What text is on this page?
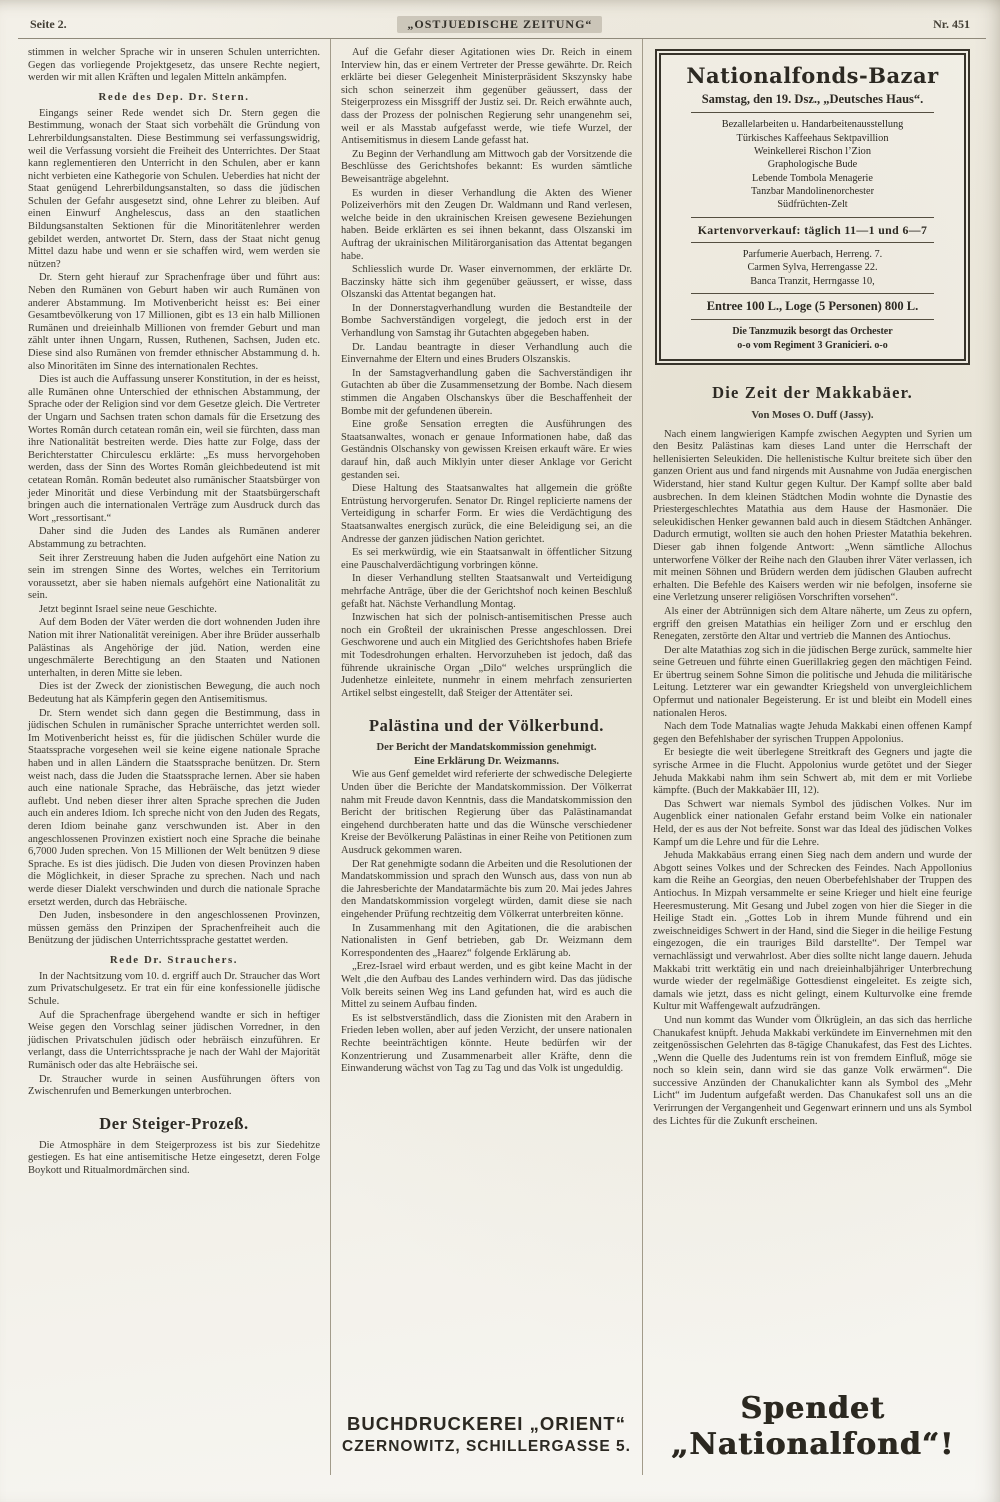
Seite 2.	„OSTJUEDISCHE ZEITUNG“	Nr. 451

stimmen in welcher Sprache wir in unseren Schulen unterrichten. Gegen das vorliegende Projektgesetz, das unsere Rechte negiert, werden wir mit allen Kräften und legalen Mitteln ankämpfen.

Rede des Dep. Dr. Stern.

Eingangs seiner Rede wendet sich Dr. Stern gegen die Bestimmung, wonach der Staat sich vorbehält die Gründung von Lehrerbildungsanstalten. Diese Bestimmung sei verfassungswidrig, weil die Verfassung vorsieht die Freiheit des Unterrichtes. Der Staat kann reglementieren den Unterricht in den Schulen, aber er kann nicht verbieten eine Kathegorie von Schulen. Ueberdies hat nicht der Staat genügend Lehrerbildungsanstalten, so dass die jüdischen Schulen der Gefahr ausgesetzt sind, ohne Lehrer zu bleiben. Auf einen Einwurf Anghelescus, dass an den staatlichen Bildungsanstalten Sektionen für die Minoritätenlehrer werden gebildet werden, antwortet Dr. Stern, dass der Staat nicht genug Mittel dazu habe und wenn er sie schaffen wird, wem werden sie nützen?

Dr. Stern geht hierauf zur Sprachenfrage über und führt aus: Neben den Rumänen von Geburt haben wir auch Rumänen von anderer Abstammung. Im Motivenbericht heisst es: Bei einer Gesamtbevölkerung von 17 Millionen, gibt es 13 ein halb Millionen Rumänen und dreieinhalb Millionen von fremder Geburt und man zählt unter ihnen Ungarn, Russen, Ruthenen, Sachsen, Juden etc. Diese sind also Rumänen von fremder ethnischer Abstammung d. h. also Minoritäten im Sinne des internationalen Rechtes.

Dies ist auch die Auffassung unserer Konstitution, in der es heisst, alle Rumänen ohne Unterschied der ethnischen Abstammung, der Sprache oder der Religion sind vor dem Gesetze gleich. Die Vertreter der Ungarn und Sachsen traten schon damals für die Ersetzung des Wortes Român durch cetatean român ein, weil sie fürchten, dass man ihre Nationalität bestreiten werde. Dies hatte zur Folge, dass der Berichterstatter Chirculescu erklärte: „Es muss hervorgehoben werden, dass der Sinn des Wortes Român gleichbedeutend ist mit cetatean Român. Român bedeutet also rumänischer Staatsbürger von jeder Minorität und diese Verbindung mit der Staatsbürgerschaft bringen auch die internationalen Verträge zum Ausdruck durch das Wort „ressortisant.“

Daher sind die Juden des Landes als Rumänen anderer Abstammung zu betrachten.

Seit ihrer Zerstreuung haben die Juden aufgehört eine Nation zu sein im strengen Sinne des Wortes, welches ein Territorium voraussetzt, aber sie haben niemals aufgehört eine Nationalität zu sein.

Jetzt beginnt Israel seine neue Geschichte.

Auf dem Boden der Väter werden die dort wohnenden Juden ihre Nation mit ihrer Nationalität vereinigen. Aber ihre Brüder ausserhalb Palästinas als Angehörige der jüd. Nation, werden eine ungeschmälerte Berechtigung an den Staaten und Nationen unterhalten, in deren Mitte sie leben.

Dies ist der Zweck der zionistischen Bewegung, die auch noch Bedeutung hat als Kämpferin gegen den Antisemitismus.

Dr. Stern wendet sich dann gegen die Bestimmung, dass in jüdischen Schulen in rumänischer Sprache unterrichtet werden soll. Im Motivenbericht heisst es, für die jüdischen Schüler wurde die Staatssprache vorgesehen weil sie keine eigene nationale Sprache haben und in allen Ländern die Staatssprache benützen. Dr. Stern weist nach, dass die Juden die Staatssprache lernen. Aber sie haben auch eine nationale Sprache, das Hebräische, das jetzt wieder auflebt. Und neben dieser ihrer alten Sprache sprechen die Juden auch ein anderes Idiom. Ich spreche nicht von den Juden des Regats, deren Idiom beinahe ganz verschwunden ist. Aber in den angeschlossenen Provinzen existiert noch eine Sprache die beinahe 6,7000 Juden sprechen. Von 15 Millionen der Welt benützen 9 diese Sprache. Es ist dies jüdisch. Die Juden von diesen Provinzen haben die Möglichkeit, in dieser Sprache zu sprechen. Nach und nach werde dieser Dialekt verschwinden und durch die nationale Sprache ersetzt werden, durch das Hebräische.

Den Juden, insbesondere in den angeschlossenen Provinzen, müssen gemäss den Prinzipen der Sprachenfreiheit auch die Benützung der jüdischen Unterrichtssprache gestattet werden.

Rede Dr. Strauchers.

In der Nachtsitzung vom 10. d. ergriff auch Dr. Straucher das Wort zum Privatschulgesetz. Er trat ein für eine konfessionelle jüdische Schule.

Auf die Sprachenfrage übergehend wandte er sich in heftiger Weise gegen den Vorschlag seiner jüdischen Vorredner, in den jüdischen Privatschulen jüdisch oder hebräisch einzuführen. Er verlangt, dass die Unterrichtssprache je nach der Wahl der Majorität Rumänisch oder das alte Hebräische sei.

Dr. Straucher wurde in seinen Ausführungen öfters von Zwischenrufen und Bemerkungen unterbrochen.

Der Steiger-Prozeß.

Die Atmosphäre in dem Steigerprozess ist bis zur Siedehitze gestiegen. Es hat eine antisemitische Hetze eingesetzt, deren Folge Boykott und Ritualmordmärchen sind.

Auf die Gefahr dieser Agitationen wies Dr. Reich in einem Interview hin, das er einem Vertreter der Presse gewährte. Dr. Reich erklärte bei dieser Gelegenheit Ministerpräsident Skszynsky habe sich schon seinerzeit ihm gegenüber geäussert, dass der Steigerprozess ein Missgriff der Justiz sei. Dr. Reich erwähnte auch, dass der Prozess der polnischen Regierung sehr unangenehm sei, weil er als Masstab aufgefasst werde, wie tiefe Wurzel, der Antisemitismus in diesem Lande gefasst hat.

Zu Beginn der Verhandlung am Mittwoch gab der Vorsitzende die Beschlüsse des Gerichtshofes bekannt: Es wurden sämtliche Beweisanträge abgelehnt.

Es wurden in dieser Verhandlung die Akten des Wiener Polizeiverhörs mit den Zeugen Dr. Waldmann und Rand verlesen, welche beide in den ukrainischen Kreisen gewesene Beziehungen haben. Beide erklärten es sei ihnen bekannt, dass Olszanski im Auftrag der ukrainischen Militärorganisation das Attentat begangen habe.

Schliesslich wurde Dr. Waser einvernommen, der erklärte Dr. Baczinsky hätte sich ihm gegenüber geäussert, er wisse, dass Olszanski das Attentat begangen hat.

In der Donnerstagverhandlung wurden die Bestandteile der Bombe Sachverständigen vorgelegt, die jedoch erst in der Verhandlung von Samstag ihr Gutachten abgegeben haben.

Dr. Landau beantragte in dieser Verhandlung auch die Einvernahme der Eltern und eines Bruders Olszanskis.

In der Samstagverhandlung gaben die Sachverständigen ihr Gutachten ab über die Zusammensetzung der Bombe. Nach diesem stimmen die Angaben Olschanskys über die Beschaffenheit der Bombe mit der gefundenen überein.

Eine große Sensation erregten die Ausführungen des Staatsanwaltes, wonach er genaue Informationen habe, daß das Geständnis Olschansky von gewissen Kreisen erkauft wäre. Er wies darauf hin, daß auch Miklyin unter dieser Anklage vor Gericht gestanden sei.

Diese Haltung des Staatsanwaltes hat allgemein die größte Entrüstung hervorgerufen. Senator Dr. Ringel replicierte namens der Verteidigung in scharfer Form. Er wies die Verdächtigung des Staatsanwaltes energisch zurück, die eine Beleidigung sei, an die Andresse der ganzen jüdischen Nation gerichtet.

Es sei merkwürdig, wie ein Staatsanwalt in öffentlicher Sitzung eine Pauschalverdächtigung vorbringen könne.

In dieser Verhandlung stellten Staatsanwalt und Verteidigung mehrfache Anträge, über die der Gerichtshof noch keinen Beschluß gefaßt hat. Nächste Verhandlung Montag.

Inzwischen hat sich der polnisch-antisemitischen Presse auch noch ein Großteil der ukrainischen Presse angeschlossen. Drei Geschworene und auch ein Mitglied des Gerichtshofes haben Briefe mit Todesdrohungen erhalten. Hervorzuheben ist jedoch, daß das führende ukrainische Organ „Dilo“ welches ursprünglich die Judenhetze einleitete, nunmehr in einem mehrfach zensurierten Artikel selbst eingestellt, daß Steiger der Attentäter sei.

Palästina und der Völkerbund.

Der Bericht der Mandatskommission genehmigt.

Eine Erklärung Dr. Weizmanns.

Wie aus Genf gemeldet wird referierte der schwedische Delegierte Unden über die Berichte der Mandatskommission. Der Völkerrat nahm mit Freude davon Kenntnis, dass die Mandatskommission den Bericht der britischen Regierung über das Palästinamandat eingehend durchberaten hatte und das die Wünsche verschiedener Kreise der Bevölkerung Palästinas in einer Reihe von Petitionen zum Ausdruck gekommen waren.

Der Rat genehmigte sodann die Arbeiten und die Resolutionen der Mandatskommission und sprach den Wunsch aus, dass von nun ab die Jahresberichte der Mandatarmächte bis zum 20. Mai jedes Jahres den Mandatskommission vorgelegt würden, damit diese sie nach eingehender Prüfung rechtzeitig dem Völkerrat unterbreiten könne.

In Zusammenhang mit den Agitationen, die die arabischen Nationalisten in Genf betrieben, gab Dr. Weizmann dem Korrespondenten des „Haarez“ folgende Erklärung ab.

„Erez-Israel wird erbaut werden, und es gibt keine Macht in der Welt ,die den Aufbau des Landes verhindern wird. Das das jüdische Volk bereits seinen Weg ins Land gefunden hat, wird es auch die Mittel zu seinem Aufbau finden.

Es ist selbstverständlich, dass die Zionisten mit den Arabern in Frieden leben wollen, aber auf jeden Verzicht, der unsere nationalen Rechte beeinträchtigen könnte. Heute bedürfen wir der Konzentrierung und Zusammenarbeit aller Kräfte, denn die Einwanderung wächst von Tag zu Tag und das Volk ist ungeduldig.

BUCHDRUCKEREI „ORIENT“
CZERNOWITZ, SCHILLERGASSE 5.
Nationalfonds-Bazar
Samstag, den 19. Dsz., „Deutsches Haus“.

Bezallelarbeiten u. Handarbeitenausstellung

Türkisches Kaffeehaus Sektpavillion

Weinkellerei Rischon l’Zion

Graphologische Bude

Lebende Tombola Menagerie

Tanzbar Mandolinenorchester

Südfrüchten-Zelt

Kartenvorverkauf: täglich 11—1 und 6—7

Parfumerie Auerbach, Herreng. 7.

Carmen Sylva, Herrengasse 22.

Banca Tranzit, Herrngasse 10,

Entree 100 L., Loge (5 Personen) 800 L.
Die Tanzmuzik besorgt das Orchester
o-o vom Regiment 3 Granicieri. o-o
Die Zeit der Makkabäer.
Von Moses O. Duff (Jassy).

Nach einem langwierigen Kampfe zwischen Aegypten und Syrien um den Besitz Palästinas kam dieses Land unter die Herrschaft der hellenisierten Seleukiden. Die hellenistische Kultur breitete sich über den ganzen Orient aus und fand nirgends mit Ausnahme von Judäa energischen Widerstand, hier stand Kultur gegen Kultur. Der Kampf sollte aber bald ausbrechen. In dem kleinen Städtchen Modin wohnte die Dynastie des Priestergeschlechtes Matathia aus dem Hause der Hasmonäer. Die seleukidischen Henker gewannen bald auch in diesem Städtchen Anhänger. Dadurch ermutigt, wollten sie auch den hohen Priester Matathia bekehren. Dieser gab ihnen folgende Antwort: „Wenn sämtliche Allochus unterworfene Völker der Reihe nach den Glauben ihrer Väter verlassen, ich mit meinen Söhnen und Brüdern werden dem jüdischen Glauben aufrecht erhalten. Die Befehle des Kaisers werden wir nie befolgen, insoferne sie eine Verletzung unserer religiösen Vorschriften vorsehen“.

Als einer der Abtrünnigen sich dem Altare näherte, um Zeus zu opfern, ergriff den greisen Matathias ein heiliger Zorn und er erschlug den Renegaten, zerstörte den Altar und vertrieb die Mannen des Antiochus.

Der alte Matathias zog sich in die jüdischen Berge zurück, sammelte hier seine Getreuen und führte einen Guerillakrieg gegen den mächtigen Feind. Er übertrug seinem Sohne Simon die politische und Jehuda die militärische Leitung. Letzterer war ein gewandter Kriegsheld von unvergleichlichem Opfermut und nationaler Begeisterung. Er ist und bleibt ein Modell eines nationalen Heros.

Nach dem Tode Matnalias wagte Jehuda Makkabi einen offenen Kampf gegen den Befehlshaber der syrischen Truppen Appolonius.

Er besiegte die weit überlegene Streitkraft des Gegners und jagte die syrische Armee in die Flucht. Appolonius wurde getötet und der Sieger Jehuda Makkabi nahm ihm sein Schwert ab, mit dem er mit Vorliebe kämpfte. (Buch der Makkabäer III, 12).

Das Schwert war niemals Symbol des jüdischen Volkes. Nur im Augenblick einer nationalen Gefahr erstand beim Volke ein nationaler Held, der es aus der Not befreite. Sonst war das Ideal des jüdischen Volkes Kampf um die Lehre und für die Lehre.

Jehuda Makkabäus errang einen Sieg nach dem andern und wurde der Abgott seines Volkes und der Schrecken des Feindes. Nach Appollonius kam die Reihe an Georgias, den neuen Oberbefehlshaber der Truppen des Antiochus. In Mizpah versammelte er seine Krieger und hielt eine feurige Heeresmusterung. Mit Gesang und Jubel zogen von hier die Sieger in die Heilige Stadt ein. „Gottes Lob in ihrem Munde führend und ein zweischneidiges Schwert in der Hand, sind die Sieger in die heilige Festung eingezogen, die ein trauriges Bild darstellte“. Der Tempel war vernachlässigt und verwahrlost. Aber dies sollte nicht lange dauern. Jehuda Makkabi tritt werktätig ein und nach dreieinhalbjähriger Unterbrechung wurde wieder der regelmäßige Gottesdienst eingeleitet. Es zeigte sich, damals wie jetzt, dass es nicht gelingt, einem Kulturvolke eine fremde Kultur mit Waffengewalt aufzudrängen.

Und nun kommt das Wunder vom Ölkrüglein, an das sich das herrliche Chanukafest knüpft. Jehuda Makkabi verkündete im Einvernehmen mit den zeitgenössischen Gelehrten das 8-tägige Chanukafest, das Fest des Lichtes. „Wenn die Quelle des Judentums rein ist von fremdem Einfluß, möge sie noch so klein sein, dann wird sie das ganze Volk erwärmen“. Die successive Anzünden der Chanukalichter kann als Symbol des „Mehr Licht“ im Judentum aufgefaßt werden. Das Chanukafest soll uns an die Verirrungen der Vergangenheit und Gegenwart erinnern und uns als Symbol des Lichtes für die Zukunft erscheinen.

Spendet „Nationalfond“!
